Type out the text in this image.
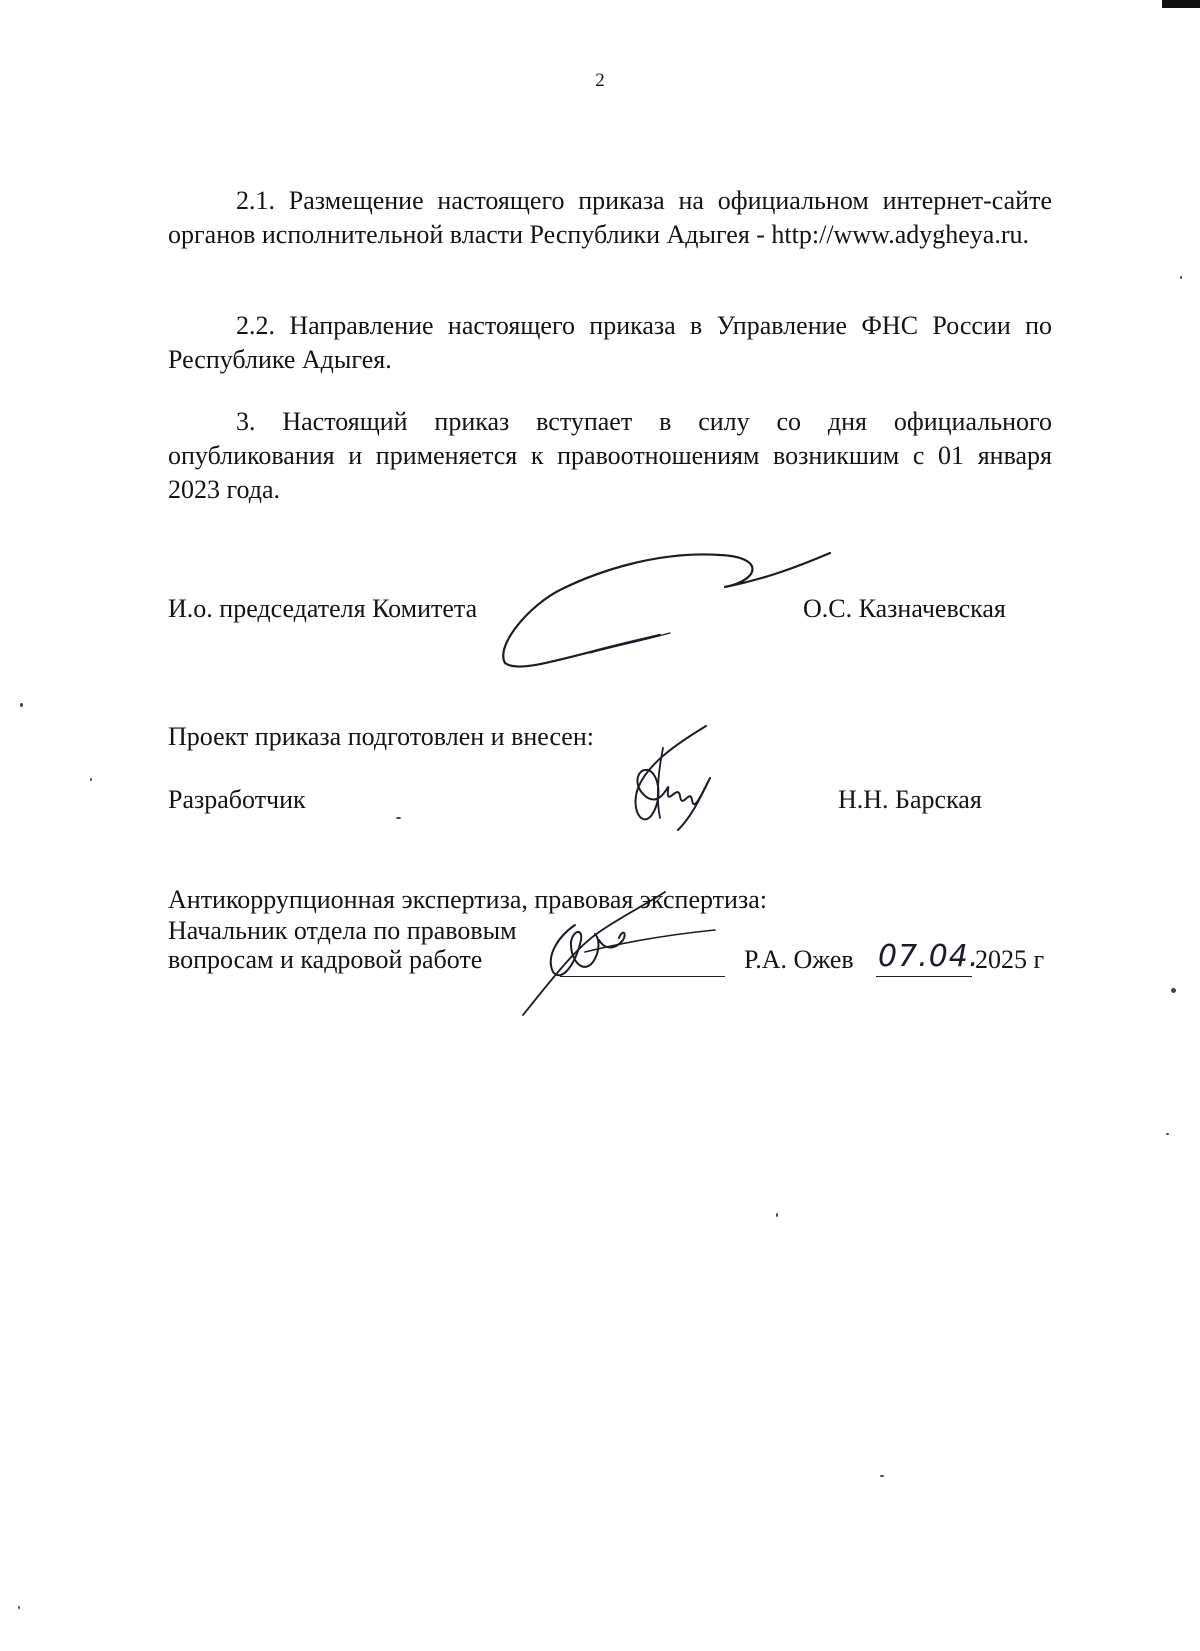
2
2.1. Размещение настоящего приказа на официальном интернет-сайте органов исполнительной власти Республики Адыгея - http://www.adygheya.ru.
2.2. Направление настоящего приказа в Управление ФНС России по Республике Адыгея.
3. Настоящий приказ вступает в силу со дня официального опубликования и применяется к правоотношениям возникшим с 01 января 2023 года.
И.о. председателя Комитета	О.С. Казначевская
Проект приказа подготовлен и внесен:
Разработчик	Н.Н. Барская
Антикоррупционная экспертиза, правовая экспертиза:
Начальник отдела по правовым
вопросам и кадровой работе	Р.А. Ожев 07.04.
2025 г
